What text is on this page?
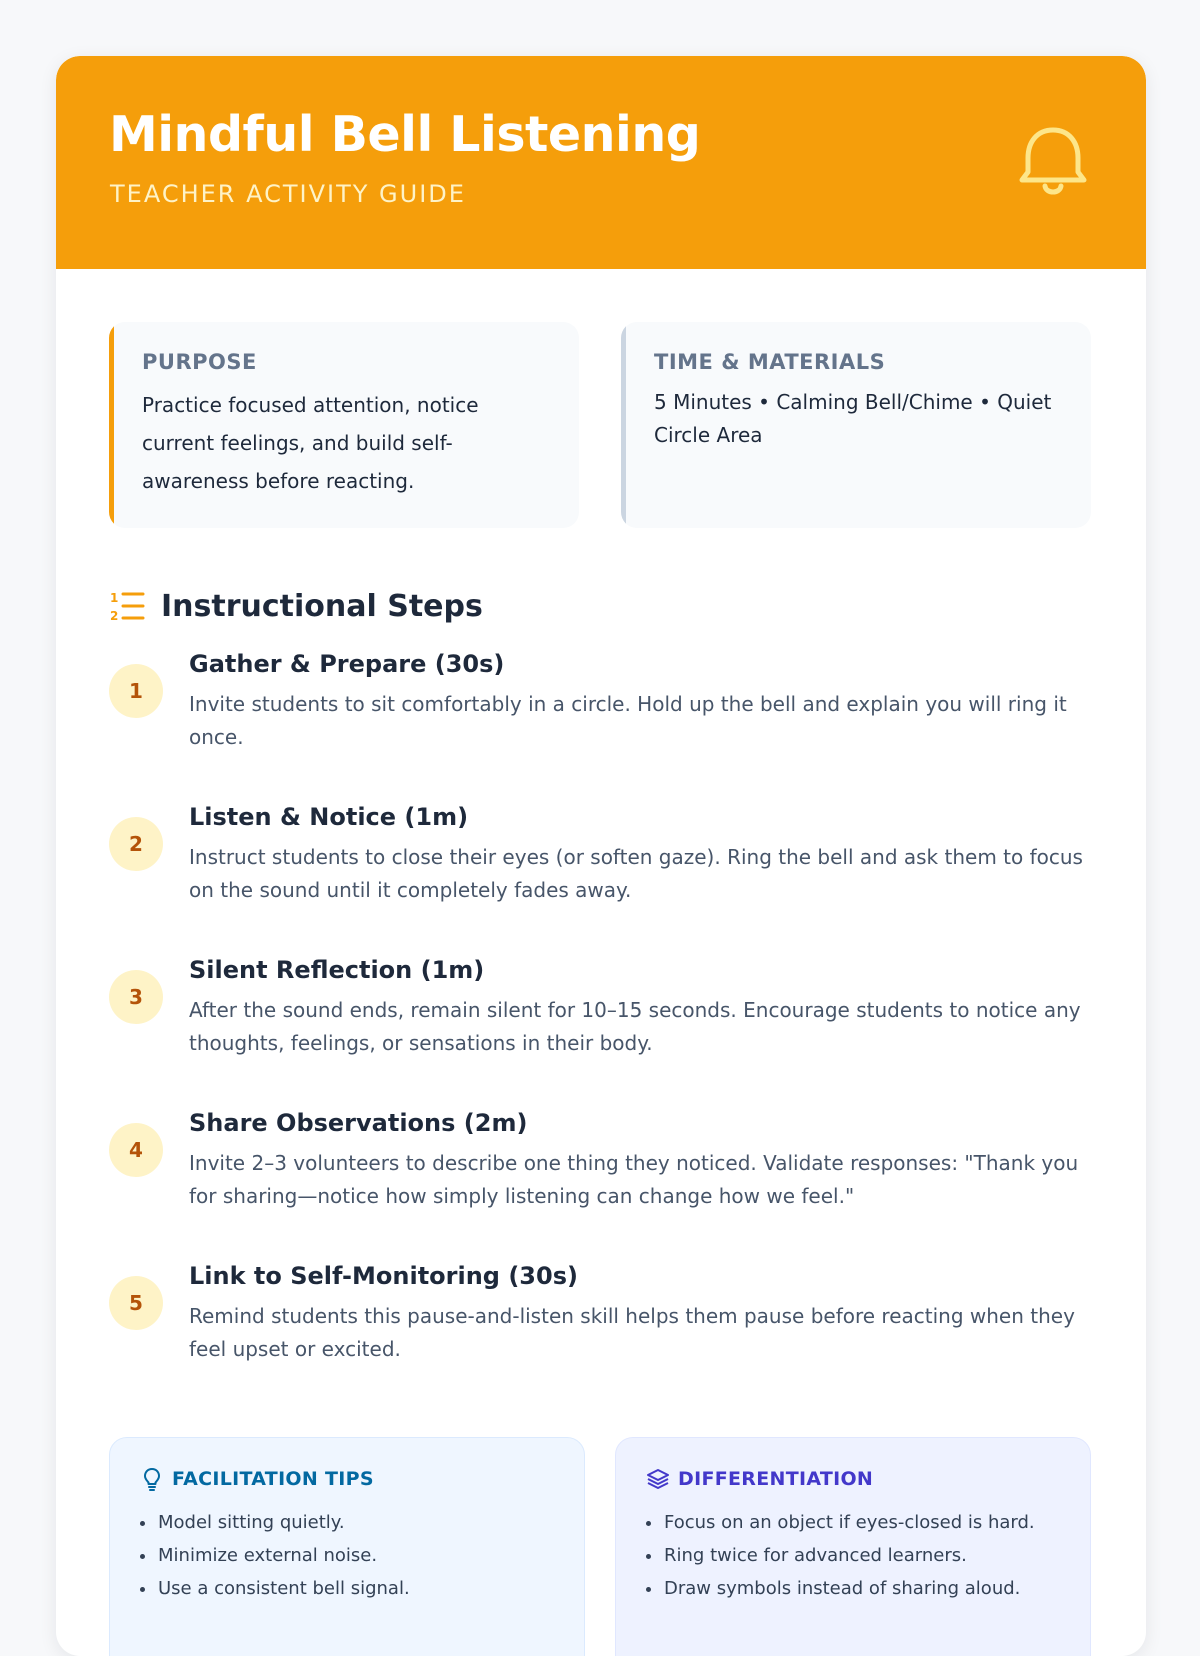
Mindful Bell Listening
TEACHER ACTIVITY GUIDE
PURPOSE
Practice focused attention, notice current feelings, and build self-awareness before reacting.
TIME & MATERIALS
5 Minutes • Calming Bell/Chime • Quiet Circle Area
1
2 Instructional Steps
1
Gather & Prepare (30s)
Invite students to sit comfortably in a circle. Hold up the bell and explain you will ring it once.
2
Listen & Notice (1m)
Instruct students to close their eyes (or soften gaze). Ring the bell and ask them to focus on the sound until it completely fades away.
3
Silent Reflection (1m)
After the sound ends, remain silent for 10–15 seconds. Encourage students to notice any thoughts, feelings, or sensations in their body.
4
Share Observations (2m)
Invite 2–3 volunteers to describe one thing they noticed. Validate responses: "Thank you for sharing—notice how simply listening can change how we feel."
5
Link to Self-Monitoring (30s)
Remind students this pause-and-listen skill helps them pause before reacting when they feel upset or excited.
FACILITATION TIPS
Model sitting quietly.
Minimize external noise.
Use a consistent bell signal.
DIFFERENTIATION
Focus on an object if eyes-closed is hard.
Ring twice for advanced learners.
Draw symbols instead of sharing aloud.
